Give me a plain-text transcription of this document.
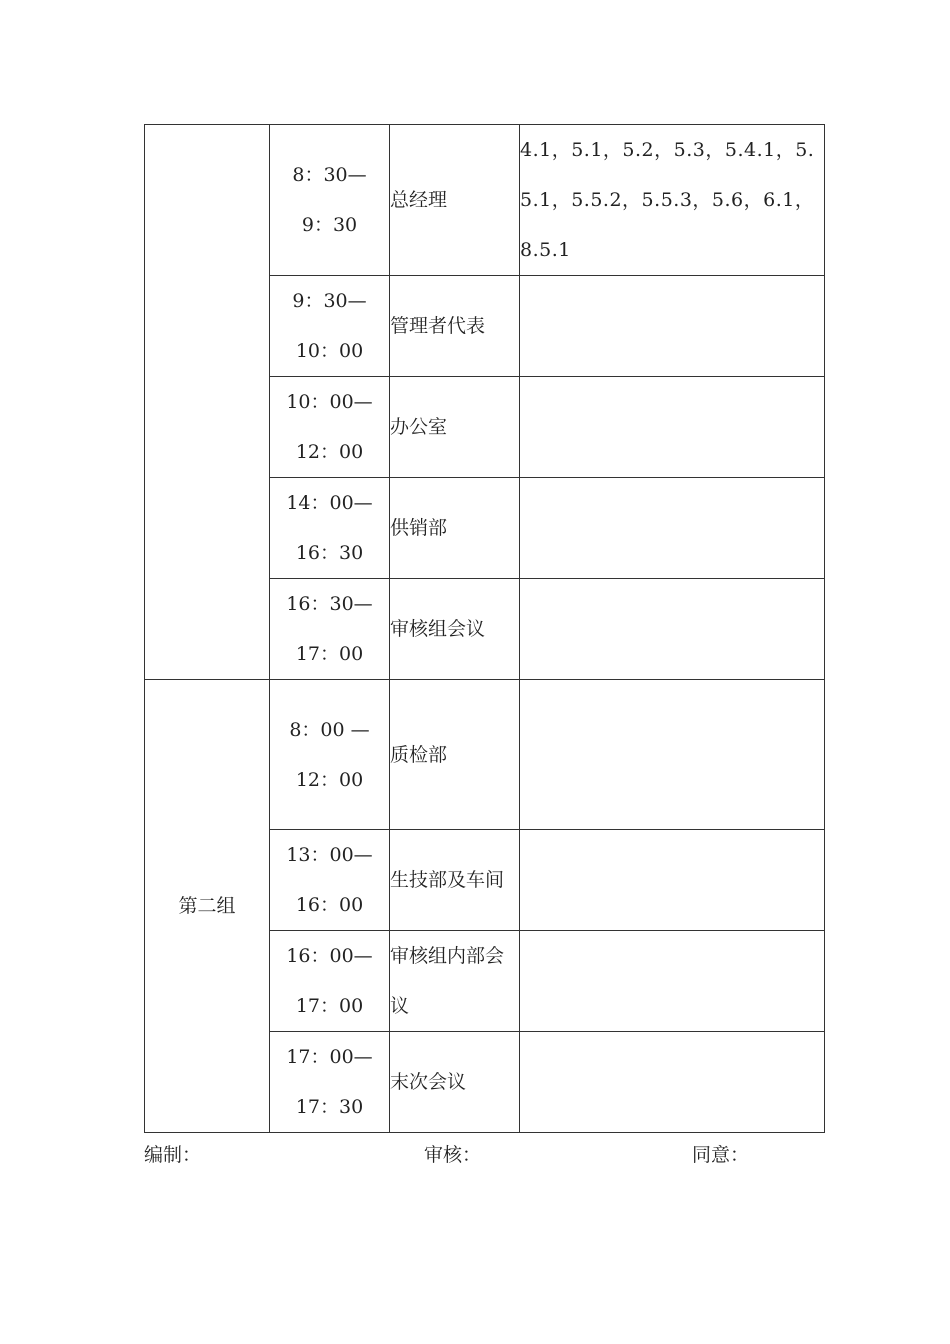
	8：30—
9：30	总经理	4.1，5.1，5.2，5.3，5.4.1，5.5.1，5.5.2，5.5.3，5.6，6.1，8.5.1

	9：30—
10：00	管理者代表	

	10：00—
12：00	办公室	

	14：00—
16：30	供销部	

	16：30—
17：00	审核组会议	
第二组	8：00 —
12：00	质检部	

	13：00—
16：00	生技部及车间	

	16：00—
17：00	审核组内部会议	

	17：00—
17：30	末次会议	
编制：	审核：	同意：
